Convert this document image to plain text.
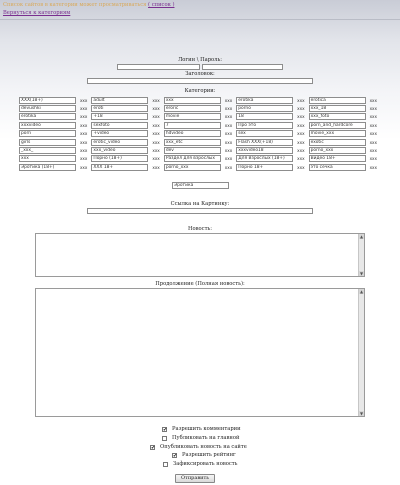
Список сайтов в категории может просматриваться ( список )
Вернуться к категориям
Логин \ Пароль:
Заголовок:
Категории:
XXX(18+)	ххх	adult	ххх	xxx	ххх	erotika	ххх	erotica	ххх
devushki	ххх	eroti	ххх	eroric	ххх	porno	ххх	xxx_18	ххх
erotika	ххх	+18	ххх	movie	ххх	18	ххх	xxx_foto	ххх
xxxvideo	ххх	sexfoto	ххх	7	ххх	Про это	ххх	porn_and_hardcore	ххх
porn	ххх	+video	ххх	hdvideo	ххх	sex	ххх	movie_xxx	ххх
girls	ххх	erotic_video	ххх	xxx_etc	ххх	Flash XXX(+18)	ххх	exotic	ххх
_xxx_	ххх	xxx_video	ххх	dev	ххх	xxxvideo18	ххх	porno_xxx	ххх
xxx	ххх	Порно (18+)	ххх	Раздел для взрослых	ххх	Для Взрослых (18+)	ххх	Видео 18+	ххх
Эротика (18+)	ххх	XXX 18+	ххх	porno_xxx	ххх	Порно 18+	ххх	это сечка	ххх
Эротика
Ссылка на Картинку:
Новость:
▲
▼
Продолжение (Полная новость):
▲
▼
✔ Разрешить комментарии
Публиковать на главной
✔ Опубликовать новость на сайте
✔ Разрешить рейтинг
Зафиксировать новость
Отправить
